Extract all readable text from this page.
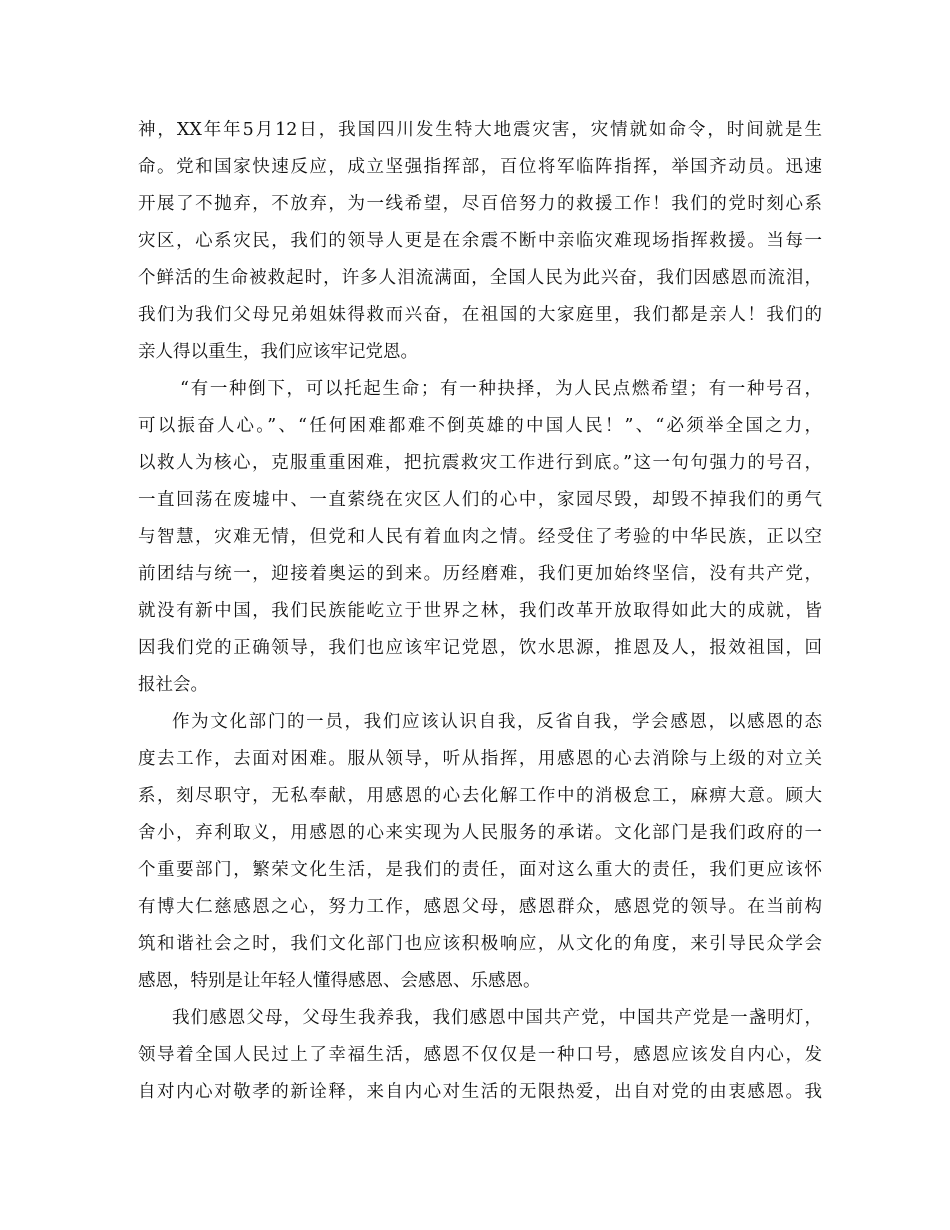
神，XX年年5月12日，我国四川发生特大地震灾害，灾情就如命令，时间就是生
命。党和国家快速反应，成立坚强指挥部，百位将军临阵指挥，举国齐动员。迅速
开展了不抛弃，不放弃，为一线希望，尽百倍努力的救援工作！我们的党时刻心系
灾区，心系灾民，我们的领导人更是在余震不断中亲临灾难现场指挥救援。当每一
个鲜活的生命被救起时，许多人泪流满面，全国人民为此兴奋，我们因感恩而流泪，
我们为我们父母兄弟姐妹得救而兴奋，在祖国的大家庭里，我们都是亲人！我们的
亲人得以重生，我们应该牢记党恩。
“有一种倒下，可以托起生命；有一种抉择，为人民点燃希望；有一种号召，
可以振奋人心。”、“任何困难都难不倒英雄的中国人民！”、“必须举全国之力，
以救人为核心，克服重重困难，把抗震救灾工作进行到底。”这一句句强力的号召，
一直回荡在废墟中、一直萦绕在灾区人们的心中，家园尽毁，却毁不掉我们的勇气
与智慧，灾难无情，但党和人民有着血肉之情。经受住了考验的中华民族，正以空
前团结与统一，迎接着奥运的到来。历经磨难，我们更加始终坚信，没有共产党，
就没有新中国，我们民族能屹立于世界之林，我们改革开放取得如此大的成就，皆
因我们党的正确领导，我们也应该牢记党恩，饮水思源，推恩及人，报效祖国，回
报社会。
作为文化部门的一员，我们应该认识自我，反省自我，学会感恩，以感恩的态
度去工作，去面对困难。服从领导，听从指挥，用感恩的心去消除与上级的对立关
系，刻尽职守，无私奉献，用感恩的心去化解工作中的消极怠工，麻痹大意。顾大
舍小，弃利取义，用感恩的心来实现为人民服务的承诺。文化部门是我们政府的一
个重要部门，繁荣文化生活，是我们的责任，面对这么重大的责任，我们更应该怀
有博大仁慈感恩之心，努力工作，感恩父母，感恩群众，感恩党的领导。在当前构
筑和谐社会之时，我们文化部门也应该积极响应，从文化的角度，来引导民众学会
感恩，特别是让年轻人懂得感恩、会感恩、乐感恩。
我们感恩父母，父母生我养我，我们感恩中国共产党，中国共产党是一盏明灯，
领导着全国人民过上了幸福生活，感恩不仅仅是一种口号，感恩应该发自内心，发
自对内心对敬孝的新诠释，来自内心对生活的无限热爱，出自对党的由衷感恩。我
